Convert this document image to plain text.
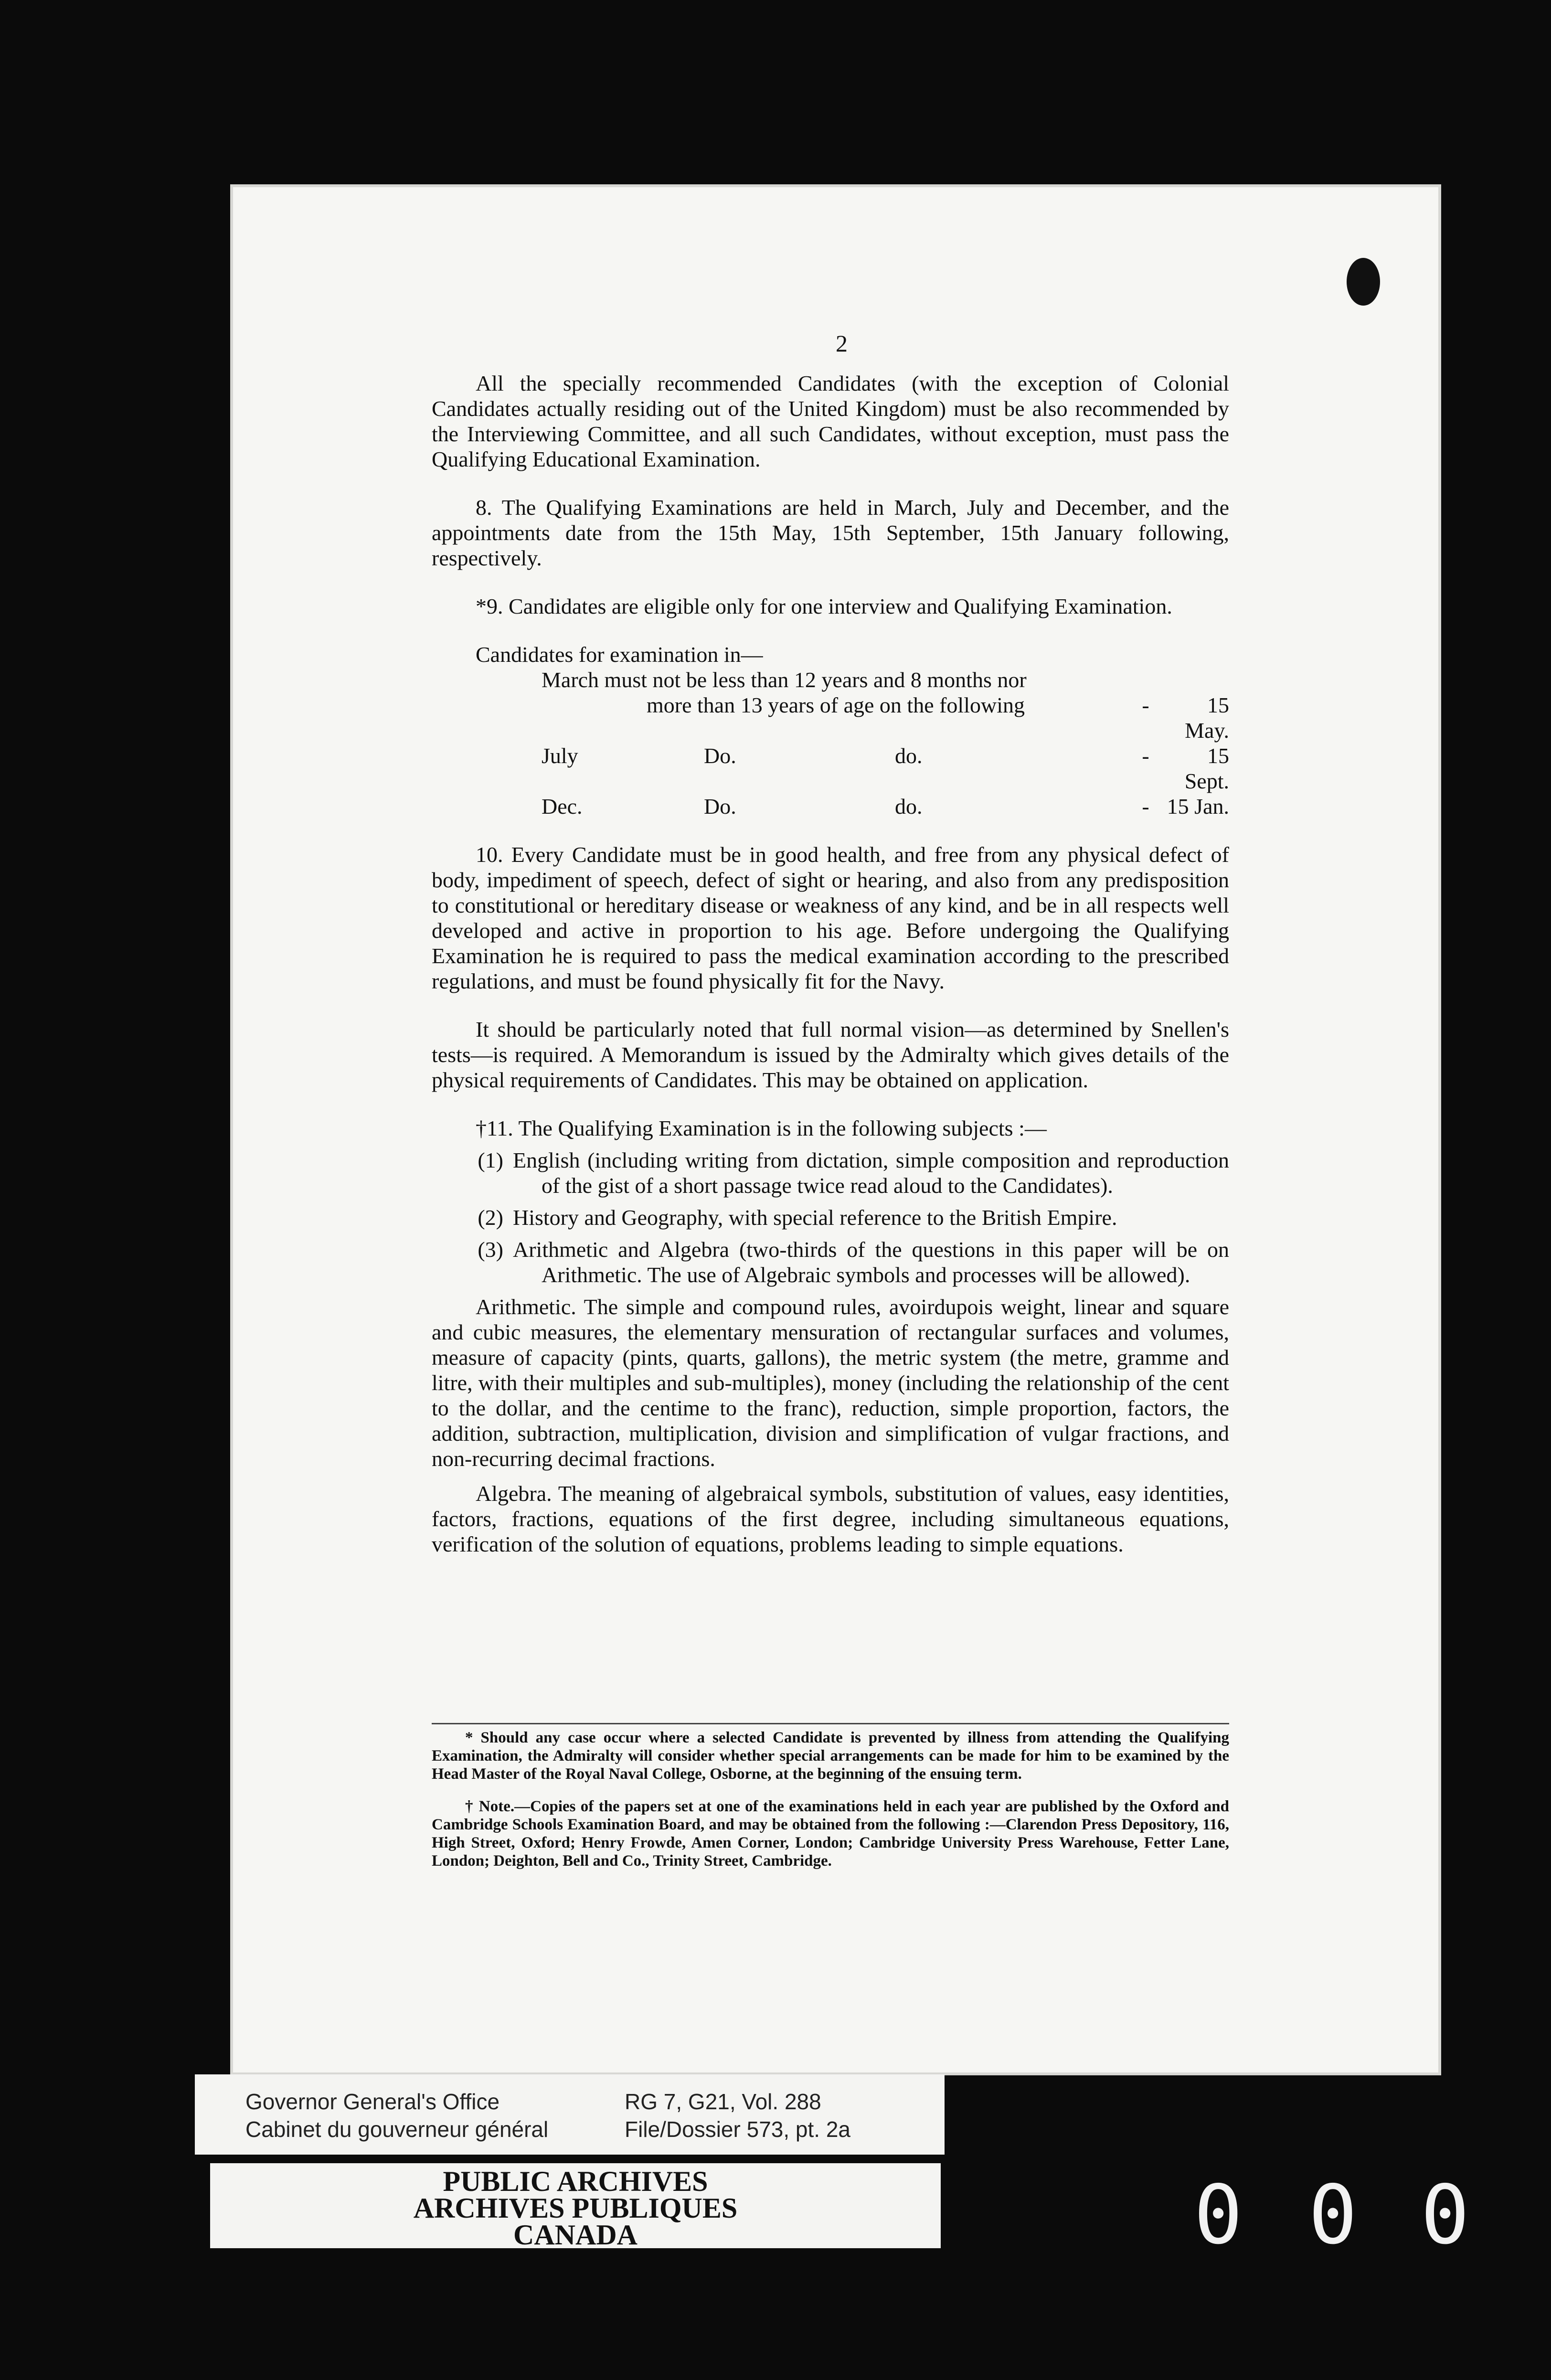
2

All the specially recommended Candidates (with the exception of Colonial Candidates actually residing out of the United Kingdom) must be also recommended by the Interviewing Committee, and all such Candidates, without exception, must pass the Qualifying Educational Examination.

8. The Qualifying Examinations are held in March, July and December, and the appointments date from the 15th May, 15th September, 15th January following, respectively.

*9. Candidates are eligible only for one interview and Qualifying Examination.

Candidates for examination in—

March must not be less than 12 years and 8 months nor
more than 13 years of age on the following	-	15 May.
July	Do.	do.	-	15 Sept.
Dec.	Do.	do.	- 15 Jan.

10. Every Candidate must be in good health, and free from any physical defect of body, impediment of speech, defect of sight or hearing, and also from any predisposition to constitutional or hereditary disease or weakness of any kind, and be in all respects well developed and active in proportion to his age. Before undergoing the Qualifying Examination he is required to pass the medical examination according to the prescribed regulations, and must be found physically fit for the Navy.

It should be particularly noted that full normal vision—as determined by Snellen's tests—is required. A Memorandum is issued by the Admiralty which gives details of the physical requirements of Candidates. This may be obtained on application.

†11. The Qualifying Examination is in the following subjects :—

(1) English (including writing from dictation, simple composition and reproduction of the gist of a short passage twice read aloud to the Candidates).
(2) History and Geography, with special reference to the British Empire.
(3) Arithmetic and Algebra (two-thirds of the questions in this paper will be on Arithmetic. The use of Algebraic symbols and processes will be allowed).

Arithmetic. The simple and compound rules, avoirdupois weight, linear and square and cubic measures, the elementary mensuration of rectangular surfaces and volumes, measure of capacity (pints, quarts, gallons), the metric system (the metre, gramme and litre, with their multiples and sub-multiples), money (including the relationship of the cent to the dollar, and the centime to the franc), reduction, simple proportion, factors, the addition, subtraction, multiplication, division and simplification of vulgar fractions, and non-recurring decimal fractions.

Algebra. The meaning of algebraical symbols, substitution of values, easy identities, factors, fractions, equations of the first degree, including simultaneous equations, verification of the solution of equations, problems leading to simple equations.

* Should any case occur where a selected Candidate is prevented by illness from attending the Qualifying Examination, the Admiralty will consider whether special arrangements can be made for him to be examined by the Head Master of the Royal Naval College, Osborne, at the beginning of the ensuing term.

† Note.—Copies of the papers set at one of the examinations held in each year are published by the Oxford and Cambridge Schools Examination Board, and may be obtained from the following :—Clarendon Press Depository, 116, High Street, Oxford; Henry Frowde, Amen Corner, London; Cambridge University Press Warehouse, Fetter Lane, London; Deighton, Bell and Co., Trinity Street, Cambridge.

Governor General's Office
Cabinet du gouverneur général
RG 7, G21, Vol. 288
File/Dossier 573, pt. 2a
PUBLIC ARCHIVES
ARCHIVES PUBLIQUES
CANADA	0 0 0
